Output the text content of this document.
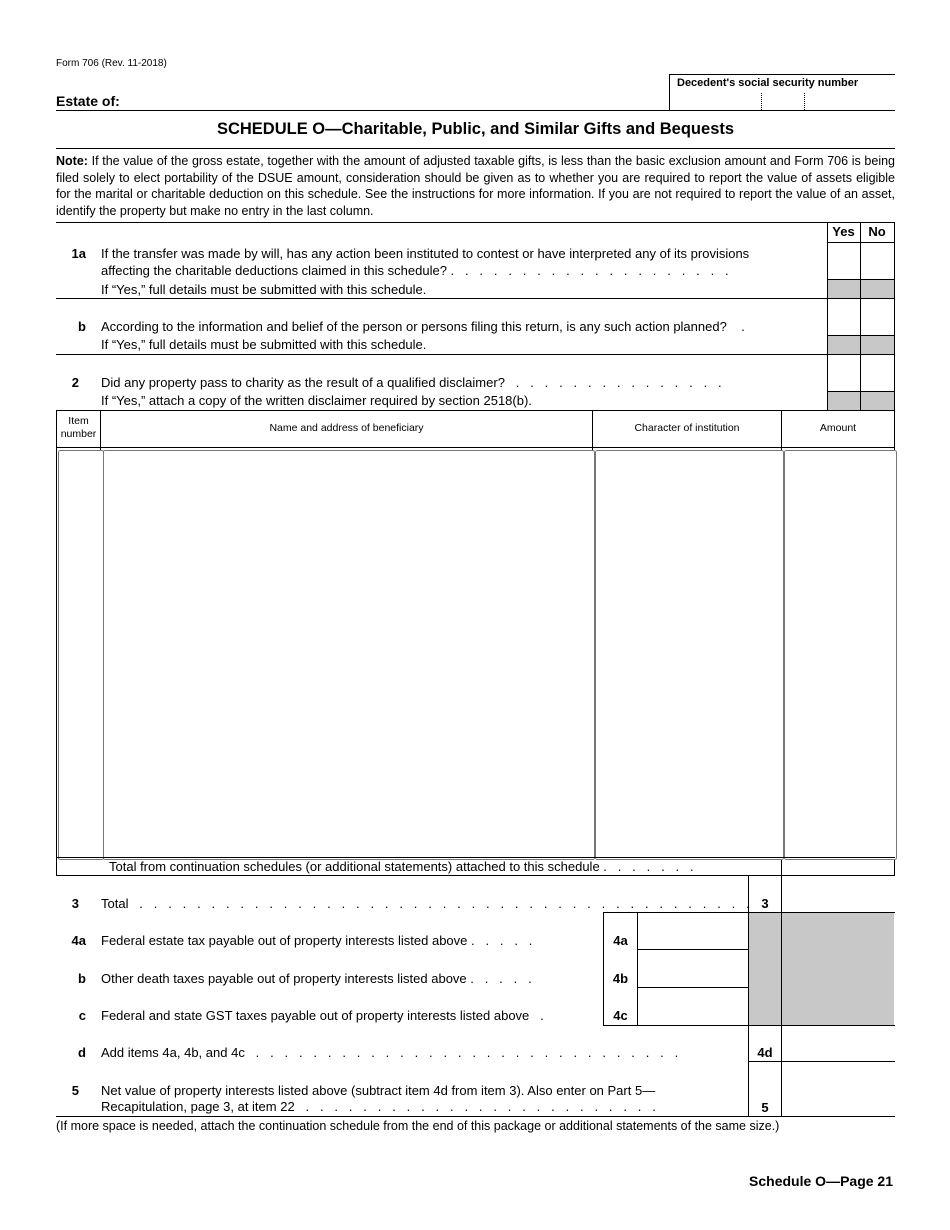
Form 706 (Rev. 11-2018)
Decedent's social security number
Estate of:
SCHEDULE O—Charitable, Public, and Similar Gifts and Bequests
Note: If the value of the gross estate, together with the amount of adjusted taxable gifts, is less than the basic exclusion amount and Form 706 is being filed solely to elect portability of the DSUE amount, consideration should be given as to whether you are required to report the value of assets eligible for the marital or charitable deduction on this schedule. See the instructions for more information. If you are not required to report the value of an asset, identify the property but make no entry in the last column.
Yes	No
1a If the transfer was made by will, has any action been instituted to contest or have interpreted any of its provisions
affecting the charitable deductions claimed in this schedule? .   .   .   .   .   .   .   .   .   .   .   .   .   .   .   .   .   .   .   .
If “Yes,” full details must be submitted with this schedule.
b According to the information and belief of the person or persons filing this return, is any such action planned?    .
If “Yes,” full details must be submitted with this schedule.
2 Did any property pass to charity as the result of a qualified disclaimer?   .   .   .   .   .   .   .   .   .   .   .   .   .   .   .
If “Yes,” attach a copy of the written disclaimer required by section 2518(b).
Item number	Name and address of beneficiary	Character of institution	Amount
Total from continuation schedules (or additional statements) attached to this schedule .   .   .   .   .   .   .
3 Total   .   .   .   .   .   .   .   .   .   .   .   .   .   .   .   .   .   .   .   .   .   .   .   .   .   .   .   .   .   .   .   .   .   .   .   .   .   .   .   .   .   .   . 3
4a Federal estate tax payable out of property interests listed above .   .   .   .   .	4a
b Other death taxes payable out of property interests listed above .   .   .   .   .	4b
c Federal and state GST taxes payable out of property interests listed above   .	4c
d Add items 4a, 4b, and 4c   .   .   .   .   .   .   .   .   .   .   .   .   .   .   .   .   .   .   .   .   .   .   .   .   .   .   .   .   .   .	4d
5 Net value of property interests listed above (subtract item 4d from item 3). Also enter on Part 5—
Recapitulation, page 3, at item 22   .   .   .   .   .   .   .   .   .   .   .   .   .   .   .   .   .   .   .   .   .   .   .   .   .	5
(If more space is needed, attach the continuation schedule from the end of this package or additional statements of the same size.)
Schedule O—Page 21
